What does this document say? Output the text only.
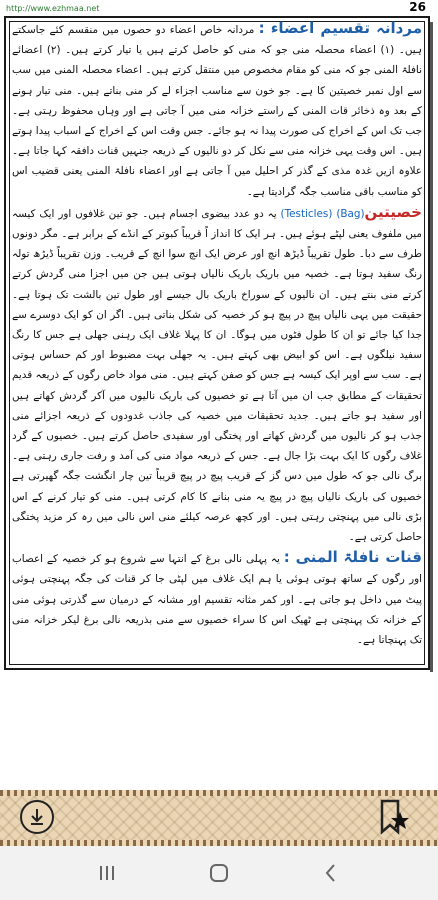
http://www.ezhmaa.net	26

مردانہ تقسیم اعضاء : مردانہ خاص اعضاء دو حصوں میں منقسم کئے جاسکتے ہیں۔ (۱) اعضاء محصلہ منی جو کہ منی کو حاصل کرتے ہیں یا تیار کرتے ہیں۔ (۲) اعضائے نافلۃ المنی جو کہ منی کو مقام مخصوص میں منتقل کرتے ہیں۔ اعضاء محصلہ المنی میں سب سے اول نمبر خصیتین کا ہے۔ جو خون سے مناسب اجزاء لے کر منی بناتے ہیں۔ منی تیار ہونے کے بعد وہ ذخائر قات المنی کے راستے خزانہ منی میں آ جاتی ہے اور وہاں محفوظ رہتی ہے۔ جب تک اس کے اخراج کی صورت پیدا نہ ہو جائے۔ جس وقت اس کے اخراج کے اسباب پیدا ہوتے ہیں۔ اس وقت یہی خزانہ منی سے نکل کر دو نالیوں کے ذریعہ جنہیں قنات دافقہ کہا جاتا ہے۔ علاوہ ازیں غدہ مذی کے گذر کر احلیل میں آ جاتی ہے اور اعضاء نافلۃ المنی یعنی قضیب اس کو مناسب باقی مناسب جگہ گرادیتا ہے۔

خصیتین(Testicles) (Bag) یہ دو عدد بیضوی اجسام ہیں۔ جو تین غلافوں اور ایک کیسہ میں ملفوف یعنی لپٹے ہوئے ہیں۔ ہر ایک کا انداز اً قریباً کبوتر کے انڈے کے برابر ہے۔ مگر دونوں طرف سے دبا۔ طول تقریباً ڈیڑھ انچ اور عرض ایک انچ سوا انچ کے قریب۔ وزن تقریباً ڈیڑھ تولہ رنگ سفید ہوتا ہے۔ خصیہ میں باریک باریک نالیاں ہوتی ہیں جن میں اجزا منی گردش کرتے کرتے منی بنتے ہیں۔ ان نالیوں کے سوراخ باریک بال جیسے اور طول تین بالشت تک ہوتا ہے۔ حقیقت میں یہی نالیاں پیچ در پیچ ہو کر خصیہ کی شکل بناتی ہیں۔ اگر ان کو ایک دوسرے سے جدا کیا جائے تو ان کا طول فٹوں میں ہوگا۔ ان کا پہلا غلاف ایک رہنی جھلی ہے جس کا رنگ سفید نیلگوں ہے۔ اس کو ابیض بھی کہتے ہیں۔ یہ جھلی بہت مضبوط اور کم حساس ہوتی ہے۔ سب سے اوپر ایک کیسہ ہے جس کو صفن کہتے ہیں۔ منی مواد خاص رگوں کے ذریعہ قدیم تحقیقات کے مطابق جب ان میں آتا ہے تو خصیوں کی باریک نالیوں میں آکر گردش کھاتے ہیں اور سفید ہو جاتے ہیں۔ جدید تحقیقات میں خصیہ کی جاذب غدودوں کے ذریعہ اجزائے منی جذب ہو کر نالیوں میں گردش کھاتے اور پختگی اور سفیدی حاصل کرتے ہیں۔ خصیوں کے گرد غلاف رگوں کا ایک بہت بڑا جال ہے۔ جس کے ذریعہ مواد منی کی آمد و رفت جاری رہتی ہے۔ برگ نالی جو کہ طول میں دس گز کے قریب پیچ در پیچ قریباً تین چار انگشت جگہ گھیرتی ہے خصیوں کی باریک نالیاں پیچ در پیچ یہ منی بنانے کا کام کرتی ہیں۔ منی کو تیار کرنے کے اس بڑی نالی میں پہنچتی رہتی ہیں۔ اور کچھ عرصہ کیلئے منی اس نالی میں رہ کر مزید پختگی حاصل کرتی ہے۔

قنات نافلۃ المنی : یہ پہلی نالی برغ کے انتہا سے شروع ہو کر خصیہ کے اعصاب اور رگوں کے ساتھ ہوتی ہوئی یا ہم ایک غلاف میں لپٹی جا کر قنات کی جگہ پہنچتی ہوئی پیٹ میں داخل ہو جاتی ہے۔ اور کمر مثانہ تقسیم اور مشانہ کے درمیان سے گذرتی ہوئی منی کے خزانہ تک پہنچتی ہے ٹھیک اس کا سراء خصیوں سے منی بذریعہ نالی برغ لیکر خزانہ منی تک پہنچاتا ہے۔
